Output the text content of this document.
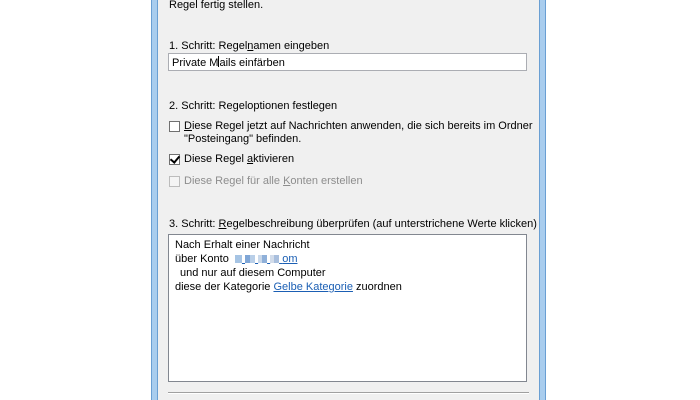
Regel fertig stellen.
1. Schritt: Regelnamen eingeben
Private Mails einfärben
2. Schritt: Regeloptionen festlegen
Diese Regel jetzt auf Nachrichten anwenden, die sich bereits im Ordner
"Posteingang" befinden.
Diese Regel aktivieren
Diese Regel für alle Konten erstellen
3. Schritt: Regelbeschreibung überprüfen (auf unterstrichene Werte klicken)
Nach Erhalt einer Nachricht
über Konto	om
und nur auf diesem Computer
diese der Kategorie Gelbe Kategorie zuordnen
